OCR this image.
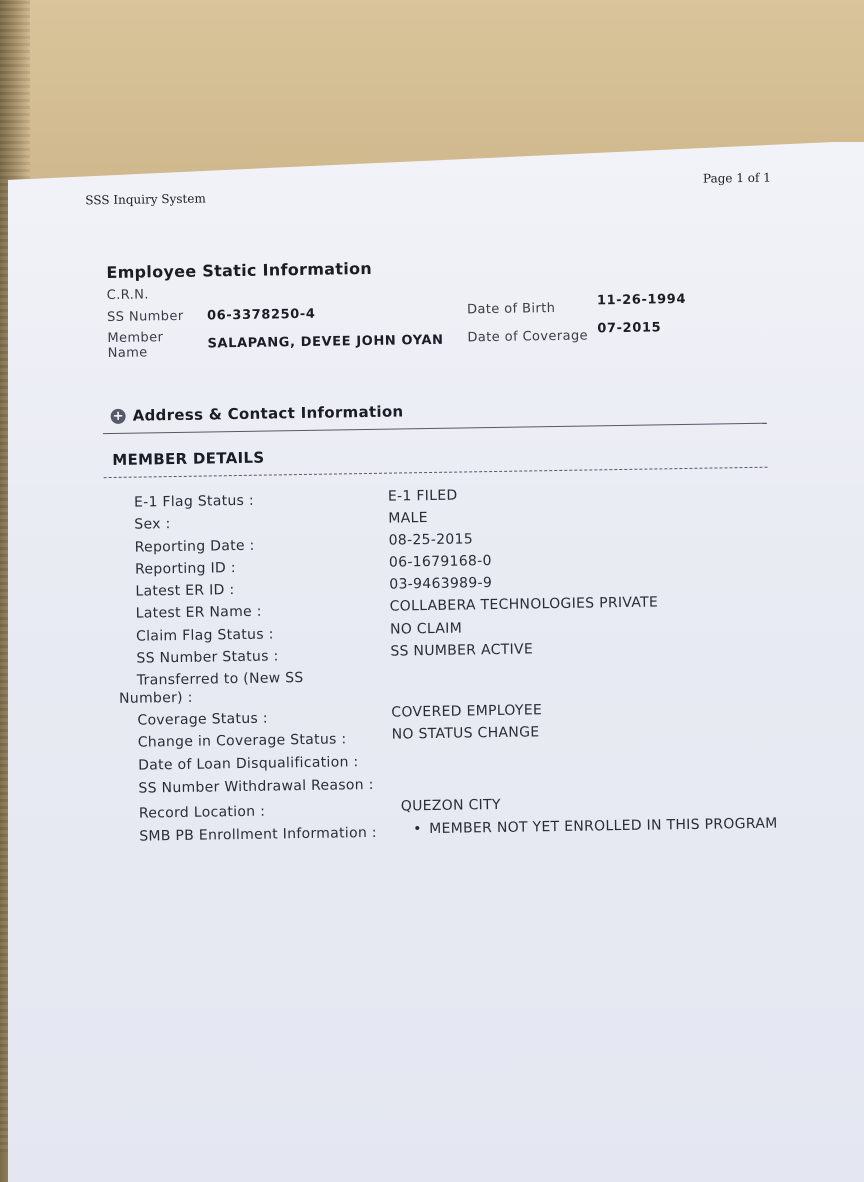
SSS Inquiry System
Page 1 of 1
Employee Static Information
C.R.N.
SS Number 06-3378250-4
Member
Name
SALAPANG, DEVEE JOHN OYAN
Date of Birth
11-26-1994
Date of Coverage
07-2015
+ Address & Contact Information
MEMBER DETAILS
E-1 Flag Status :	E-1 FILED
Sex :	MALE
Reporting Date :	08-25-2015
Reporting ID :	06-1679168-0
Latest ER ID :	03-9463989-9
Latest ER Name :	COLLABERA TECHNOLOGIES PRIVATE
Claim Flag Status :	NO CLAIM
SS Number Status :	SS NUMBER ACTIVE
Transferred to (New SS
Number) :
Coverage Status :	COVERED EMPLOYEE
Change in Coverage Status :	NO STATUS CHANGE
Date of Loan Disqualification :
SS Number Withdrawal Reason :
Record Location :	QUEZON CITY
SMB PB Enrollment Information :	• MEMBER NOT YET ENROLLED IN THIS PROGRAM
